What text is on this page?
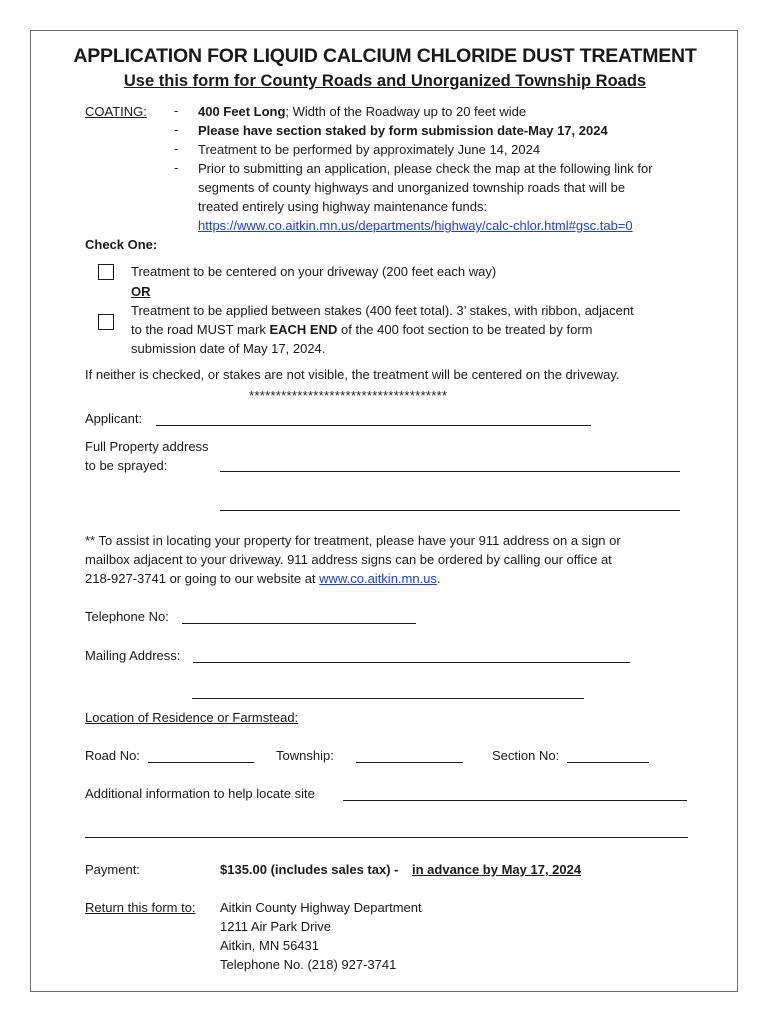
APPLICATION FOR LIQUID CALCIUM CHLORIDE DUST TREATMENT
Use this form for County Roads and Unorganized Township Roads
COATING: - 400 Feet Long; Width of the Roadway up to 20 feet wide
- Please have section staked by form submission date-May 17, 2024
- Treatment to be performed by approximately June 14, 2024
- Prior to submitting an application, please check the map at the following link for
segments of county highways and unorganized township roads that will be
treated entirely using highway maintenance funds:
https://www.co.aitkin.mn.us/departments/highway/calc-chlor.html#gsc.tab=0
Check One:
Treatment to be centered on your driveway (200 feet each way)
OR
Treatment to be applied between stakes (400 feet total). 3’ stakes, with ribbon, adjacent
to the road MUST mark EACH END of the 400 foot section to be treated by form
submission date of May 17, 2024.
If neither is checked, or stakes are not visible, the treatment will be centered on the driveway.
*************************************
Applicant:
Full Property address
to be sprayed:
** To assist in locating your property for treatment, please have your 911 address on a sign or
mailbox adjacent to your driveway. 911 address signs can be ordered by calling our office at
218-927-3741 or going to our website at www.co.aitkin.mn.us.
Telephone No:
Mailing Address:
Location of Residence or Farmstead:
Road No:	Township:	Section No:
Additional information to help locate site
Payment:	$135.00 (includes sales tax) - in advance by May 17, 2024
Return this form to: Aitkin County Highway Department
1211 Air Park Drive
Aitkin, MN 56431
Telephone No. (218) 927-3741
